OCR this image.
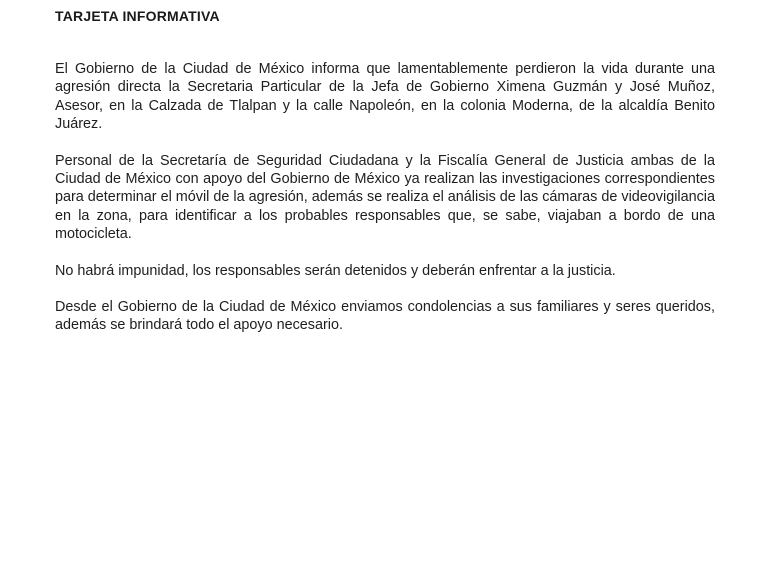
TARJETA INFORMATIVA

El Gobierno de la Ciudad de México informa que lamentablemente perdieron la vida durante una agresión directa la Secretaria Particular de la Jefa de Gobierno Ximena Guzmán y José Muñoz, Asesor, en la Calzada de Tlalpan y la calle Napoleón, en la colonia Moderna, de la alcaldía Benito Juárez.

Personal de la Secretaría de Seguridad Ciudadana y la Fiscalía General de Justicia ambas de la Ciudad de México con apoyo del Gobierno de México ya realizan las investigaciones correspondientes para determinar el móvil de la agresión, además se realiza el análisis de las cámaras de videovigilancia en la zona, para identificar a los probables responsables que, se sabe, viajaban a bordo de una motocicleta.

No habrá impunidad, los responsables serán detenidos y deberán enfrentar a la justicia.

Desde el Gobierno de la Ciudad de México enviamos condolencias a sus familiares y seres queridos, además se brindará todo el apoyo necesario.
